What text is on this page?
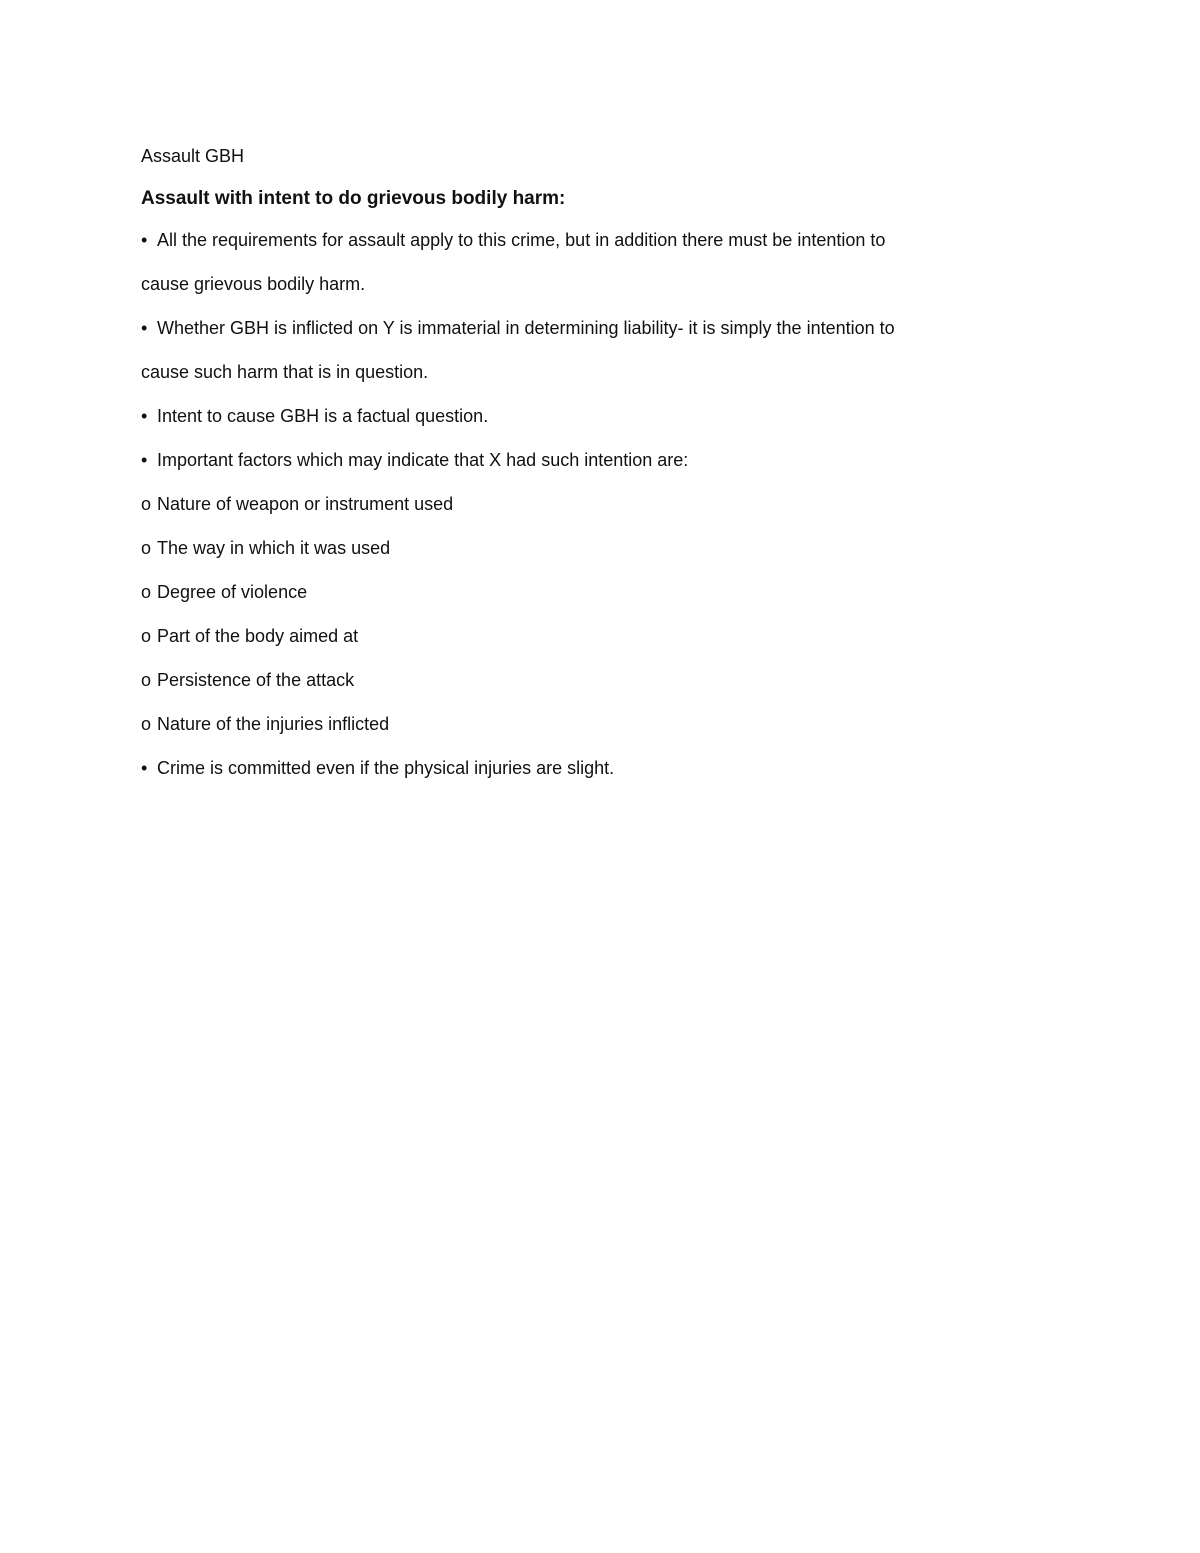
Assault GBH
Assault with intent to do grievous bodily harm:
• All the requirements for assault apply to this crime, but in addition there must be intention to
cause grievous bodily harm.
• Whether GBH is inflicted on Y is immaterial in determining liability- it is simply the intention to
cause such harm that is in question.
• Intent to cause GBH is a factual question.
• Important factors which may indicate that X had such intention are:
o Nature of weapon or instrument used
o The way in which it was used
o Degree of violence
o Part of the body aimed at
o Persistence of the attack
o Nature of the injuries inflicted
• Crime is committed even if the physical injuries are slight.
